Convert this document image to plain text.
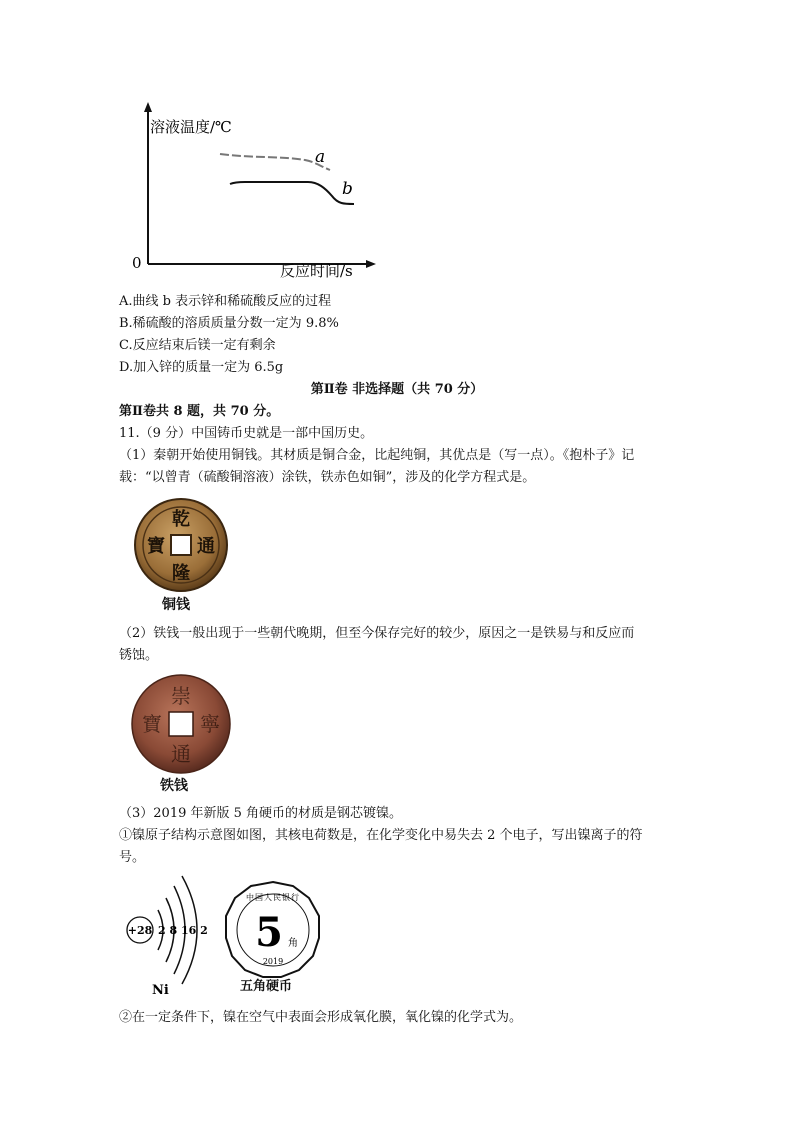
溶液温度/℃
反应时间/s
0
a
b
A.曲线 b 表示锌和稀硫酸反应的过程
B.稀硫酸的溶质质量分数一定为 9.8%
C.反应结束后镁一定有剩余
D.加入锌的质量一定为 6.5g
第Ⅱ卷 非选择题（共 70 分）
第Ⅱ卷共 8 题，共 70 分。
11.（9 分）中国铸币史就是一部中国历史。
（1）秦朝开始使用铜钱。其材质是铜合金，比起纯铜，其优点是（写一点）。《抱朴子》记
载：“以曾青（硫酸铜溶液）涂铁，铁赤色如铜”，涉及的化学方程式是。
乾
通
隆
寶
铜钱
（2）铁钱一般出现于一些朝代晚期，但至今保存完好的较少，原因之一是铁易与和反应而
锈蚀。
崇
寧
通
寶
铁钱
（3）2019 年新版 5 角硬币的材质是钢芯镀镍。
①镍原子结构示意图如图，其核电荷数是，在化学变化中易失去 2 个电子，写出镍离子的符
号。
+28 2 8 16 2
Ni
中国人民银行
5 角
2019
五角硬币
②在一定条件下，镍在空气中表面会形成氧化膜，氧化镍的化学式为。
